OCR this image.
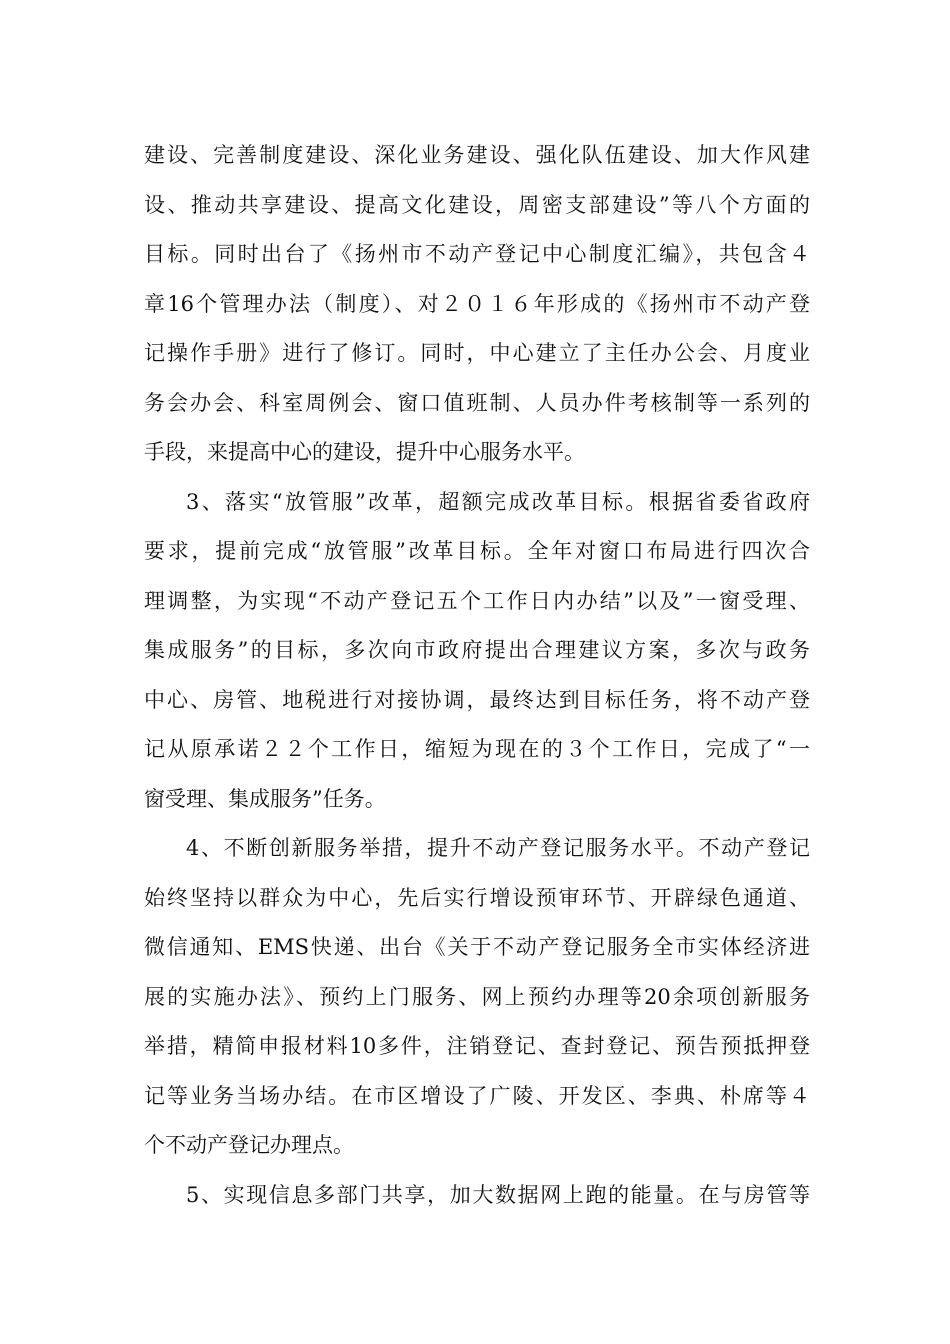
建设、完善制度建设、深化业务建设、强化队伍建设、加大作风建
设、推动共享建设、提高文化建设，周密支部建设”等八个方面的
目标。同时出台了《扬州市不动产登记中心制度汇编》，共包含４
章16个管理办法（制度）、对２０１６年形成的《扬州市不动产登
记操作手册》进行了修订。同时，中心建立了主任办公会、月度业
务会办会、科室周例会、窗口值班制、人员办件考核制等一系列的
手段，来提高中心的建设，提升中心服务水平。
3、落实“放管服”改革，超额完成改革目标。根据省委省政府
要求，提前完成“放管服”改革目标。全年对窗口布局进行四次合
理调整，为实现“不动产登记五个工作日内办结”以及”一窗受理、
集成服务”的目标，多次向市政府提出合理建议方案，多次与政务
中心、房管、地税进行对接协调，最终达到目标任务，将不动产登
记从原承诺２２个工作日，缩短为现在的３个工作日，完成了“一
窗受理、集成服务”任务。
4、不断创新服务举措，提升不动产登记服务水平。不动产登记
始终坚持以群众为中心，先后实行增设预审环节、开辟绿色通道、
微信通知、EMS快递、出台《关于不动产登记服务全市实体经济进
展的实施办法》、预约上门服务、网上预约办理等20余项创新服务
举措，精简申报材料10多件，注销登记、查封登记、预告预抵押登
记等业务当场办结。在市区增设了广陵、开发区、李典、朴席等４
个不动产登记办理点。
5、实现信息多部门共享，加大数据网上跑的能量。在与房管等
